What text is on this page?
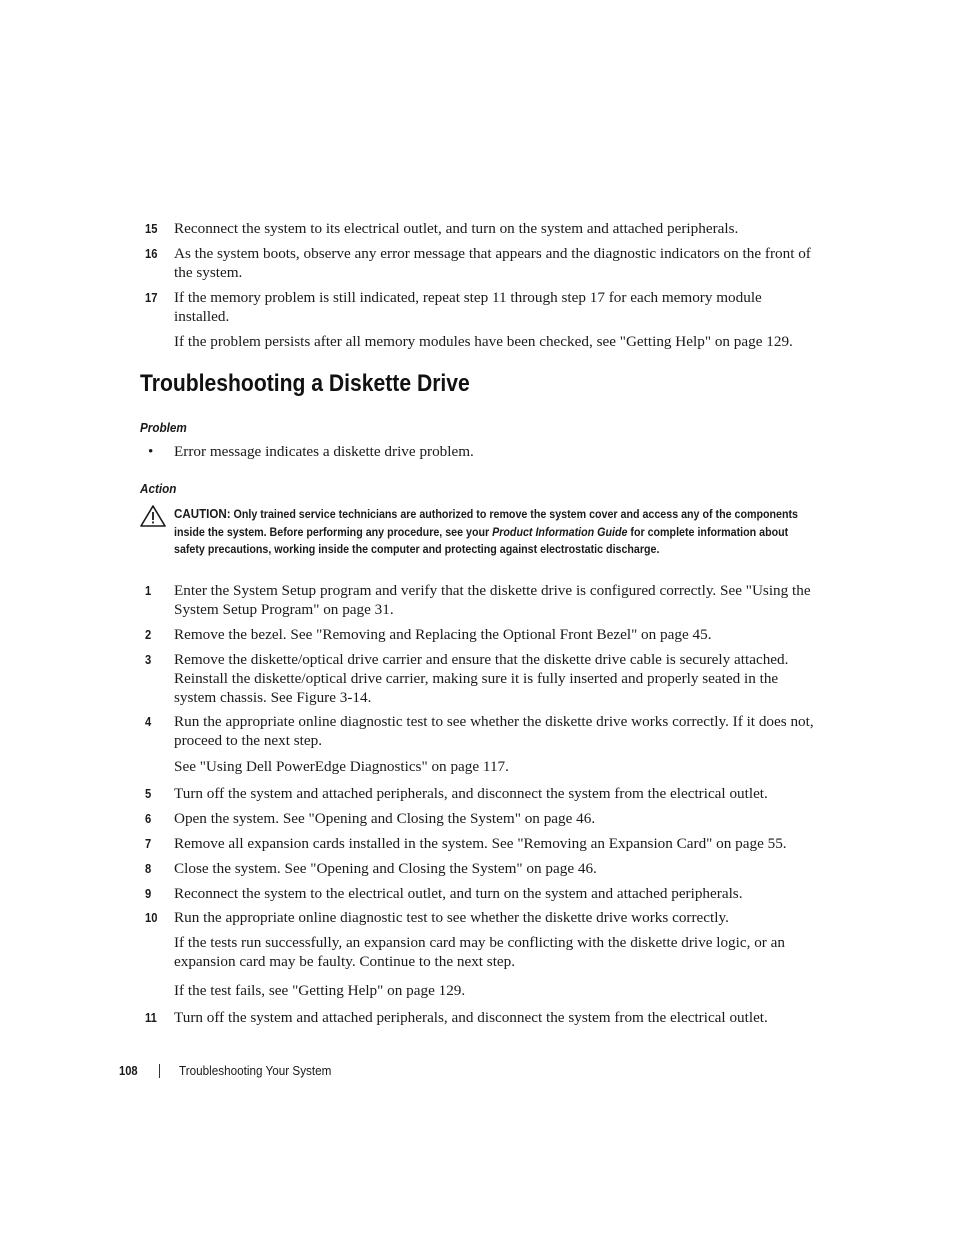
15	Reconnect the system to its electrical outlet, and turn on the system and attached peripherals.
16	As the system boots, observe any error message that appears and the diagnostic indicators on the front of the system.
17	If the memory problem is still indicated, repeat step 11 through step 17 for each memory module installed.
If the problem persists after all memory modules have been checked, see "Getting Help" on page 129.
Troubleshooting a Diskette Drive
Problem
• Error message indicates a diskette drive problem.
Action
CAUTION: Only trained service technicians are authorized to remove the system cover and access any of the components inside the system. Before performing any procedure, see your Product Information Guide for complete information about safety precautions, working inside the computer and protecting against electrostatic discharge.
1	Enter the System Setup program and verify that the diskette drive is configured correctly. See "Using the System Setup Program" on page 31.
2	Remove the bezel. See "Removing and Replacing the Optional Front Bezel" on page 45.
3	Remove the diskette/optical drive carrier and ensure that the diskette drive cable is securely attached. Reinstall the diskette/optical drive carrier, making sure it is fully inserted and properly seated in the system chassis. See Figure 3-14.
4	Run the appropriate online diagnostic test to see whether the diskette drive works correctly. If it does not, proceed to the next step.
See "Using Dell PowerEdge Diagnostics" on page 117.
5	Turn off the system and attached peripherals, and disconnect the system from the electrical outlet.
6	Open the system. See "Opening and Closing the System" on page 46.
7	Remove all expansion cards installed in the system. See "Removing an Expansion Card" on page 55.
8	Close the system. See "Opening and Closing the System" on page 46.
9	Reconnect the system to the electrical outlet, and turn on the system and attached peripherals.
10	Run the appropriate online diagnostic test to see whether the diskette drive works correctly.
If the tests run successfully, an expansion card may be conflicting with the diskette drive logic, or an expansion card may be faulty. Continue to the next step.
If the test fails, see "Getting Help" on page 129.
11	Turn off the system and attached peripherals, and disconnect the system from the electrical outlet.
108	Troubleshooting Your System
